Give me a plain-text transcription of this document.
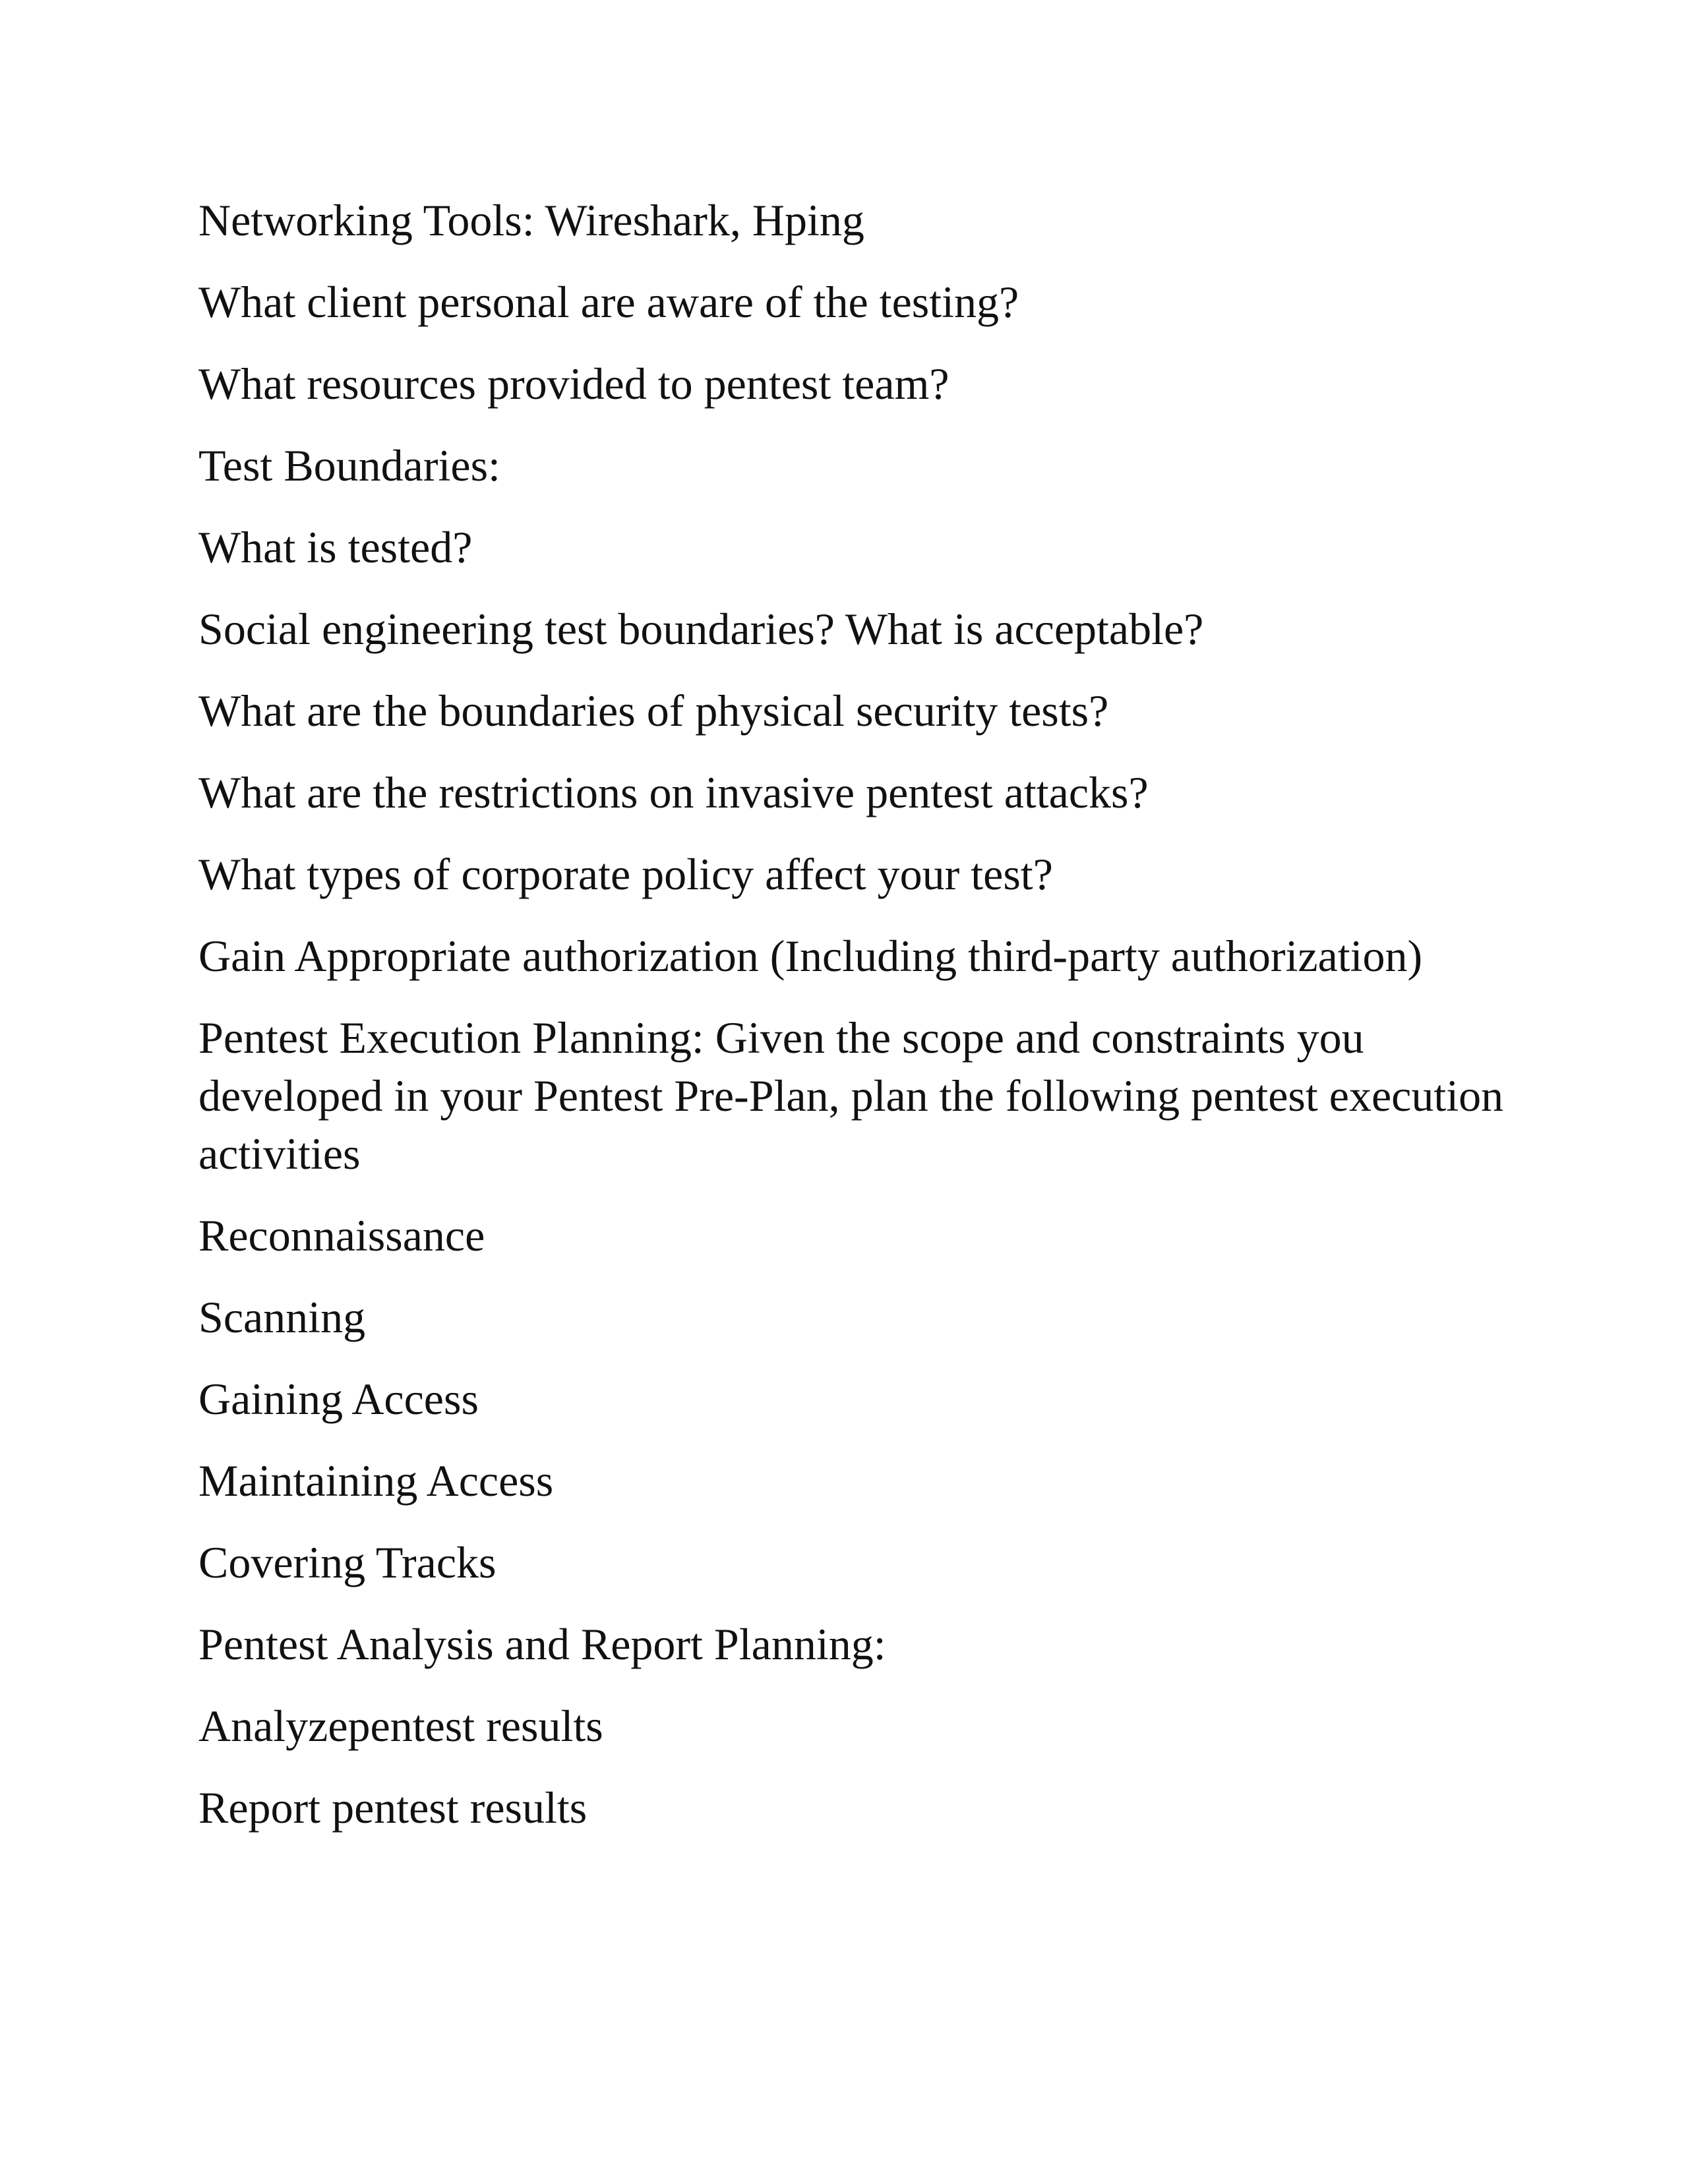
Networking Tools: Wireshark, Hping

What client personal are aware of the testing?

What resources provided to pentest team?

Test Boundaries:

What is tested?

Social engineering test boundaries? What is acceptable?

What are the boundaries of physical security tests?

What are the restrictions on invasive pentest attacks?

What types of corporate policy affect your test?

Gain Appropriate authorization (Including third-party authorization)

Pentest Execution Planning: Given the scope and constraints you developed in your Pentest Pre-Plan, plan the following pentest execution activities

Reconnaissance

Scanning

Gaining Access

Maintaining Access

Covering Tracks

Pentest Analysis and Report Planning:

Analyzepentest results

Report pentest results
